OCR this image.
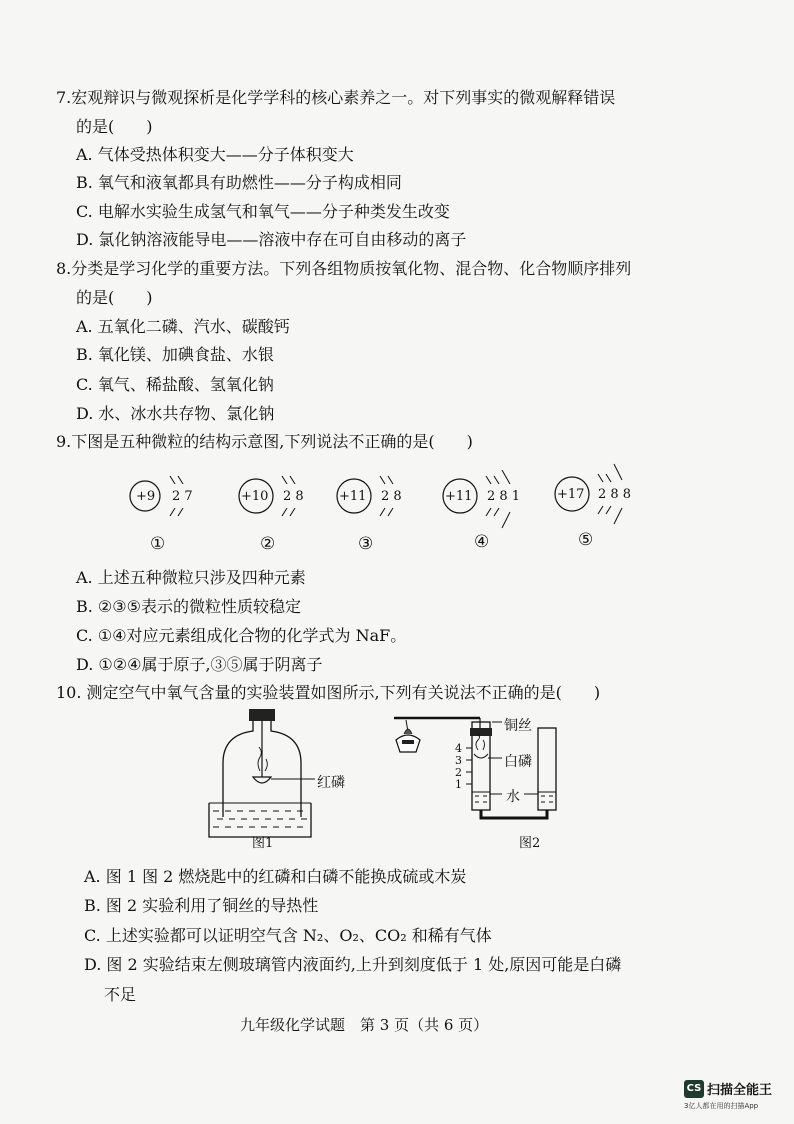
7.宏观辩识与微观探析是化学学科的核心素养之一。对下列事实的微观解释错误
的是(　　)
A. 气体受热体积变大——分子体积变大
B. 氧气和液氧都具有助燃性——分子构成相同
C. 电解水实验生成氢气和氧气——分子种类发生改变
D. 氯化钠溶液能导电——溶液中存在可自由移动的离子
8.分类是学习化学的重要方法。下列各组物质按氧化物、混合物、化合物顺序排列
的是(　　)
A. 五氧化二磷、汽水、碳酸钙
B. 氧化镁、加碘食盐、水银
C. 氧气、稀盐酸、氢氧化钠
D. 水、冰水共存物、氯化钠
9.下图是五种微粒的结构示意图,下列说法不正确的是(　　)
+9 2 7
①
+10 2 8
②
+11 2 8
③
+11 2 8 1
④
+17 2 8 8
⑤
A. 上述五种微粒只涉及四种元素
B. ②③⑤表示的微粒性质较稳定
C. ①④对应元素组成化合物的化学式为 NaF。
D. ①②④属于原子,③⑤属于阴离子
10. 测定空气中氧气含量的实验装置如图所示,下列有关说法不正确的是(　　)
红磷
图1
铜丝
白磷
水
4
3
2
1
图2
A. 图 1 图 2 燃烧匙中的红磷和白磷不能换成硫或木炭
B. 图 2 实验利用了铜丝的导热性
C. 上述实验都可以证明空气含 N₂、O₂、CO₂ 和稀有气体
D. 图 2 实验结束左侧玻璃管内液面约,上升到刻度低于 1 处,原因可能是白磷
不足
九年级化学试题　第 3 页（共 6 页）
CS 扫描全能王
3亿人都在用的扫描App
